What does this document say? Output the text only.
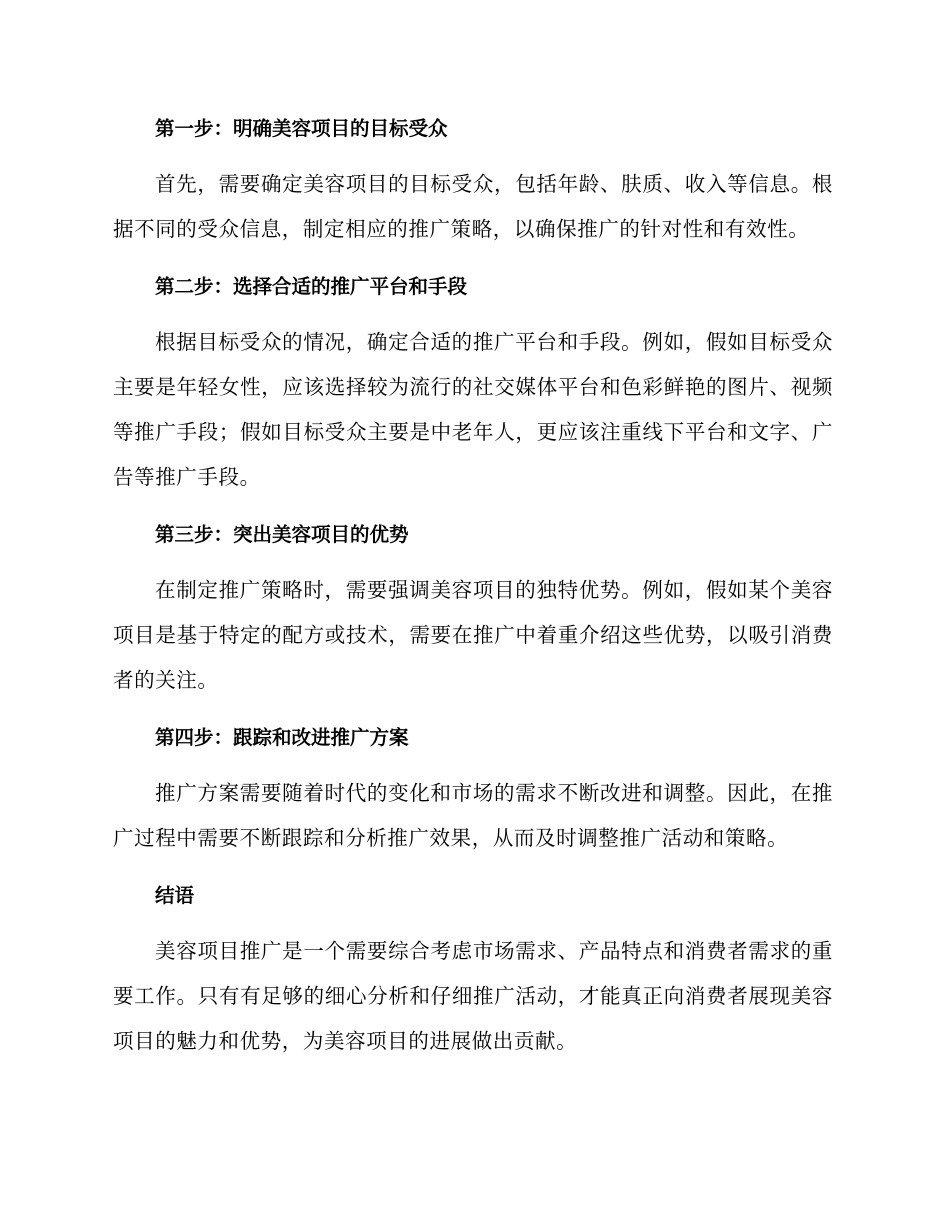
第一步：明确美容项目的目标受众

首先，需要确定美容项目的目标受众，包括年龄、肤质、收入等信息。根据不同的受众信息，制定相应的推广策略，以确保推广的针对性和有效性。

第二步：选择合适的推广平台和手段

根据目标受众的情况，确定合适的推广平台和手段。例如，假如目标受众主要是年轻女性，应该选择较为流行的社交媒体平台和色彩鲜艳的图片、视频等推广手段；假如目标受众主要是中老年人，更应该注重线下平台和文字、广告等推广手段。

第三步：突出美容项目的优势

在制定推广策略时，需要强调美容项目的独特优势。例如，假如某个美容项目是基于特定的配方或技术，需要在推广中着重介绍这些优势，以吸引消费者的关注。

第四步：跟踪和改进推广方案

推广方案需要随着时代的变化和市场的需求不断改进和调整。因此，在推广过程中需要不断跟踪和分析推广效果，从而及时调整推广活动和策略。

结语

美容项目推广是一个需要综合考虑市场需求、产品特点和消费者需求的重要工作。只有有足够的细心分析和仔细推广活动，才能真正向消费者展现美容项目的魅力和优势，为美容项目的进展做出贡献。
